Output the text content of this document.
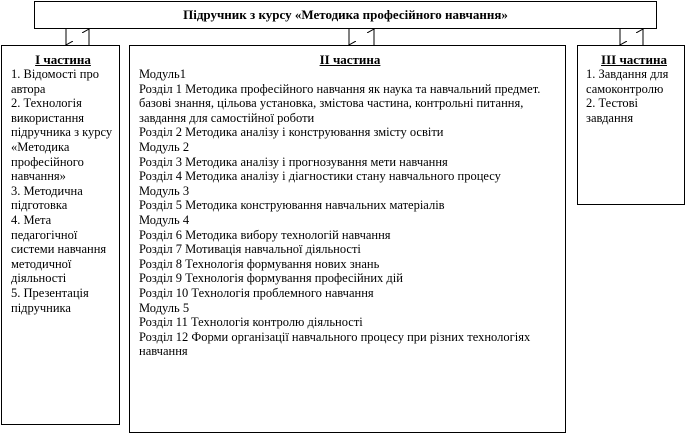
Підручник з курсу «Методика професійного навчання»
I частина
1. Відомості про автора
2. Технологія використання підручника з курсу «Методика професійного навчання»
3. Методична підготовка
4. Мета педагогічної системи навчання методичної діяльності
5. Презентація підручника
II частина
Модуль1
Розділ 1 Методика професійного навчання як наука та навчальний предмет.
базові знання, цільова установка, змістова частина, контрольні питання, завдання для самостійної роботи
Розділ 2 Методика аналізу і конструювання змісту освіти
Модуль 2
Розділ 3 Методика аналізу і прогнозування мети навчання
Розділ 4 Методика аналізу і діагностики стану навчального процесу
Модуль 3
Розділ 5 Методика конструювання навчальних матеріалів
Модуль 4
Розділ 6 Методика вибору технологій навчання
Розділ 7 Мотивація навчальної діяльності
Розділ 8 Технологія формування нових знань
Розділ 9 Технологія формування професійних дій
Розділ 10 Технологія проблемного навчання
Модуль 5
Розділ 11 Технологія контролю діяльності
Розділ 12 Форми організації навчального процесу при різних технологіях навчання
III частина
1. Завдання для самоконтролю
2. Тестові завдання
